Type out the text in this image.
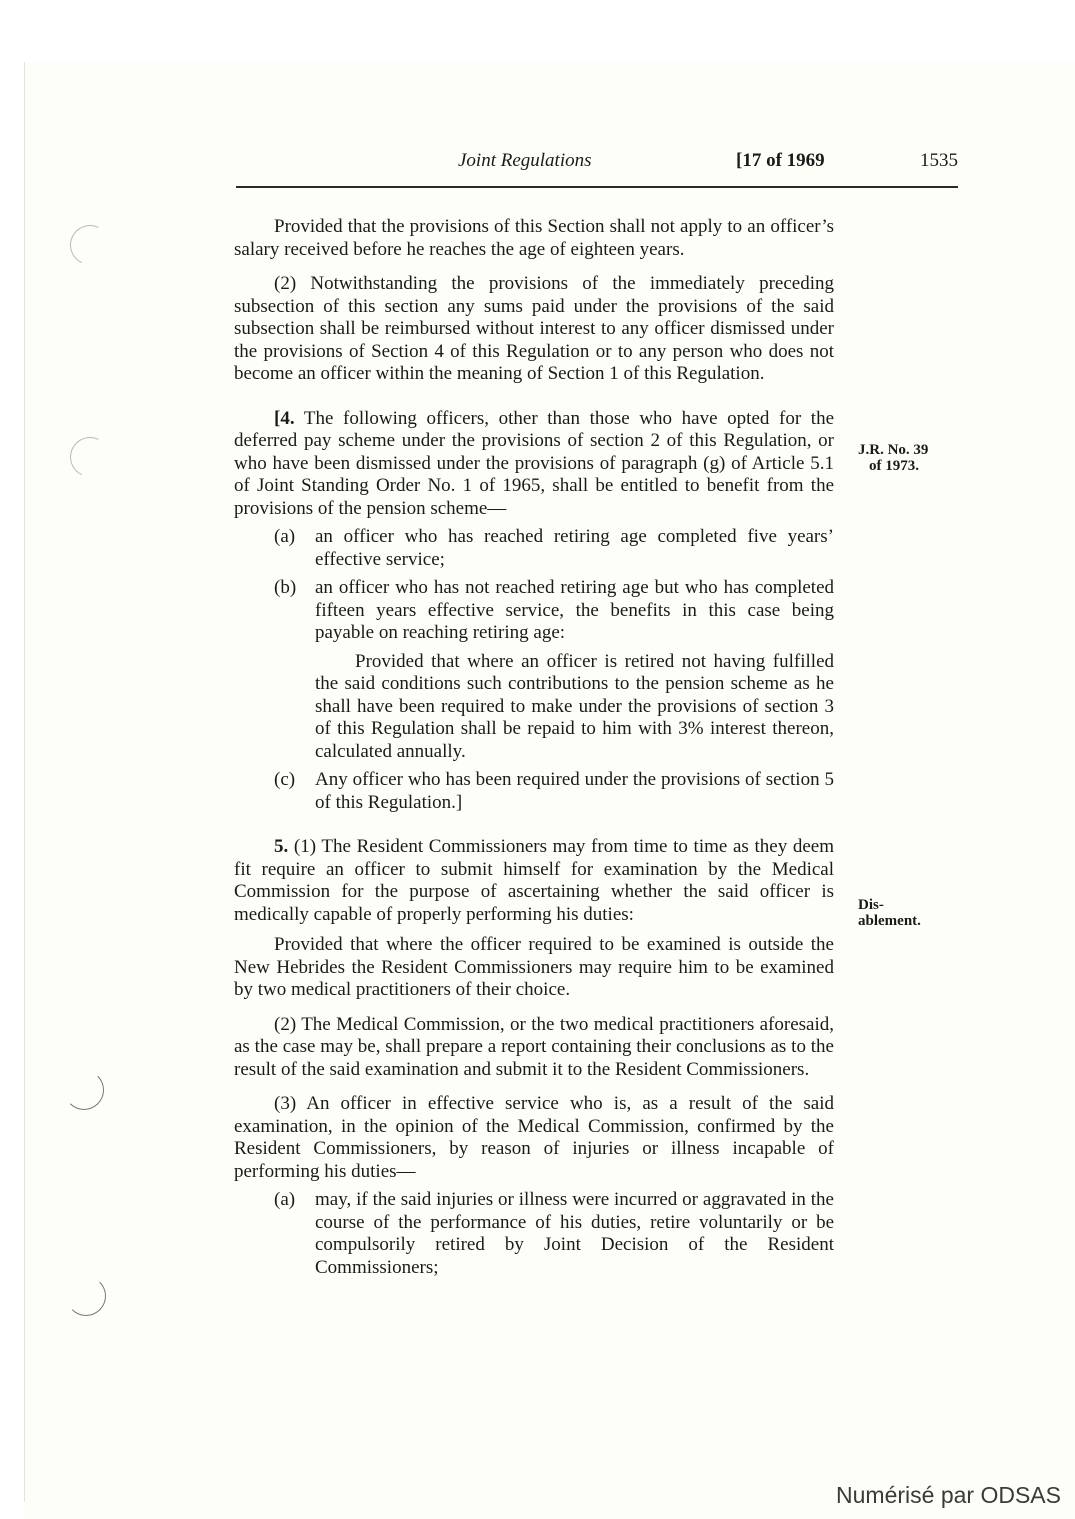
Joint Regulations	[17 of 1969	1535

Provided that the provisions of this Section shall not apply to an officer’s salary received before he reaches the age of eighteen years.

(2) Notwithstanding the provisions of the immediately preceding subsection of this section any sums paid under the provisions of the said subsection shall be reimbursed without interest to any officer dismissed under the provisions of Section 4 of this Regulation or to any person who does not become an officer within the meaning of Section 1 of this Regulation.

[4. The following officers, other than those who have opted for the deferred pay scheme under the provisions of section 2 of this Regulation, or who have been dismissed under the provisions of paragraph (g) of Article 5.1 of Joint Standing Order No. 1 of 1965, shall be entitled to benefit from the provisions of the pension scheme—

(a)	an officer who has reached retiring age completed five years’ effective service;
(b) an officer who has not reached retiring age but who has completed fifteen years effective service, the benefits in this case being payable on reaching retiring age:

Provided that where an officer is retired not having fulfilled the said conditions such contributions to the pension scheme as he shall have been required to make under the provisions of section 3 of this Regulation shall be repaid to him with 3% interest thereon, calculated annually.

(c)	Any officer who has been required under the provisions of section 5 of this Regulation.]

5. (1) The Resident Commissioners may from time to time as they deem fit require an officer to submit himself for examination by the Medical Commission for the purpose of ascertaining whether the said officer is medically capable of properly performing his duties:

Provided that where the officer required to be examined is outside the New Hebrides the Resident Commissioners may require him to be examined by two medical practitioners of their choice.

(2) The Medical Commission, or the two medical practitioners aforesaid, as the case may be, shall prepare a report containing their conclusions as to the result of the said examination and submit it to the Resident Commissioners.

(3) An officer in effective service who is, as a result of the said examination, in the opinion of the Medical Commission, confirmed by the Resident Commissioners, by reason of injuries or illness incapable of performing his duties—

(a)	may, if the said injuries or illness were incurred or aggravated in the course of the performance of his duties, retire voluntarily or be compulsorily retired by Joint Decision of the Resident Commissioners;
J.R. No. 39
of 1973.
Dis-
ablement.
Numérisé par ODSAS
